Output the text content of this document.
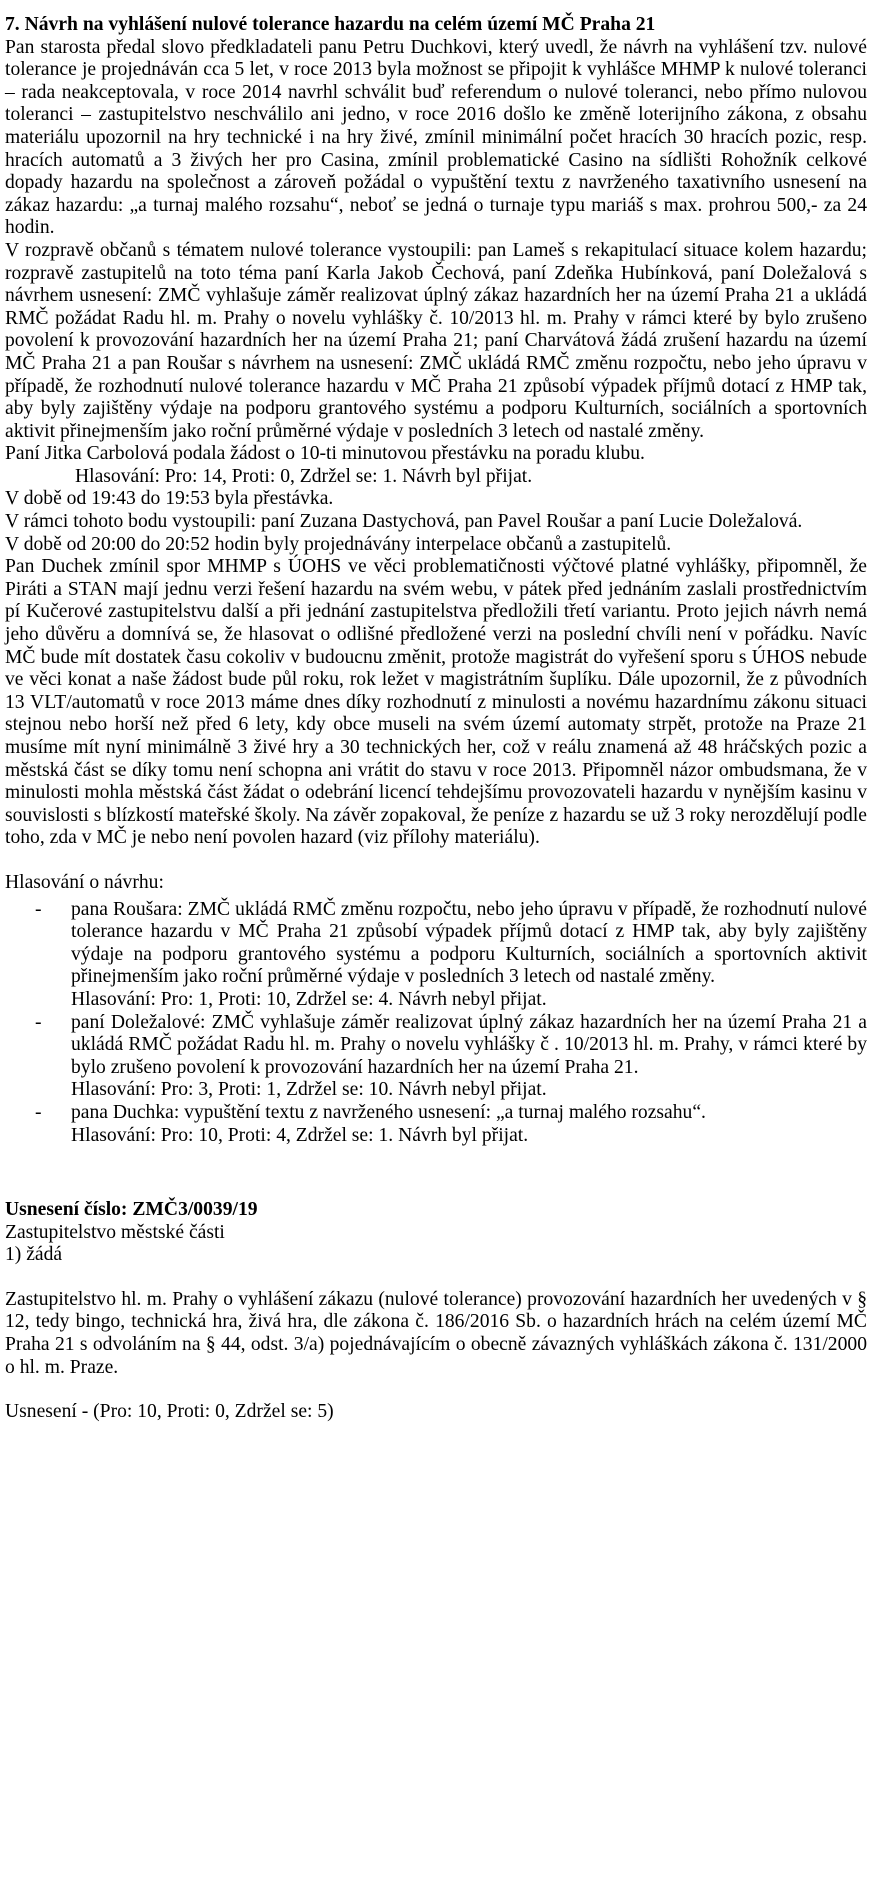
7. Návrh na vyhlášení nulové tolerance hazardu na celém území MČ Praha 21

Pan starosta předal slovo předkladateli panu Petru Duchkovi, který uvedl, že návrh na vyhlášení tzv. nulové tolerance je projednáván cca 5 let, v roce 2013 byla možnost se připojit k vyhlášce MHMP k nulové toleranci – rada neakceptovala, v roce 2014 navrhl schválit buď referendum o nulové toleranci, nebo přímo nulovou toleranci – zastupitelstvo neschválilo ani jedno, v roce 2016 došlo ke změně loterijního zákona, z obsahu materiálu upozornil na hry technické i na hry živé, zmínil minimální počet hracích 30 hracích pozic, resp. hracích automatů a 3 živých her pro Casina, zmínil problematické Casino na sídlišti Rohožník celkové dopady hazardu na společnost a zároveň požádal o vypuštění textu z navrženého taxativního usnesení na zákaz hazardu: „a turnaj malého rozsahu“, neboť se jedná o turnaje typu mariáš s max. prohrou 500,- za 24 hodin.

V rozpravě občanů s tématem nulové tolerance vystoupili: pan Lameš s rekapitulací situace kolem hazardu; rozpravě zastupitelů na toto téma paní Karla Jakob Čechová, paní Zdeňka Hubínková, paní Doležalová s návrhem usnesení: ZMČ vyhlašuje záměr realizovat úplný zákaz hazardních her na území Praha 21 a ukládá RMČ požádat Radu hl. m. Prahy o novelu vyhlášky č. 10/2013 hl. m. Prahy v rámci které by bylo zrušeno povolení k provozování hazardních her na území Praha 21; paní Charvátová žádá zrušení hazardu na území MČ Praha 21 a pan Roušar s návrhem na usnesení: ZMČ ukládá RMČ změnu rozpočtu, nebo jeho úpravu v případě, že rozhodnutí nulové tolerance hazardu v MČ Praha 21 způsobí výpadek příjmů dotací z HMP tak, aby byly zajištěny výdaje na podporu grantového systému a podporu Kulturních, sociálních a sportovních aktivit přinejmenším jako roční průměrné výdaje v posledních 3 letech od nastalé změny.

Paní Jitka Carbolová podala žádost o 10-ti minutovou přestávku na poradu klubu.

Hlasování: Pro: 14, Proti: 0, Zdržel se: 1. Návrh byl přijat.

V době od 19:43 do 19:53 byla přestávka.

V rámci tohoto bodu vystoupili: paní Zuzana Dastychová, pan Pavel Roušar a paní Lucie Doležalová.

V době od 20:00 do 20:52 hodin byly projednávány interpelace občanů a zastupitelů.

Pan Duchek zmínil spor MHMP s ÚOHS ve věci problematičnosti výčtové platné vyhlášky, připomněl, že Piráti a STAN mají jednu verzi řešení hazardu na svém webu, v pátek před jednáním zaslali prostřednictvím pí Kučerové zastupitelstvu další a při jednání zastupitelstva předložili třetí variantu. Proto jejich návrh nemá jeho důvěru a domnívá se, že hlasovat o odlišné předložené verzi na poslední chvíli není v pořádku. Navíc MČ bude mít dostatek času cokoliv v budoucnu změnit, protože magistrát do vyřešení sporu s ÚHOS nebude ve věci konat a naše žádost bude půl roku, rok ležet v magistrátním šuplíku. Dále upozornil, že z původních 13 VLT/automatů v roce 2013 máme dnes díky rozhodnutí z minulosti a novému hazardnímu zákonu situaci stejnou nebo horší než před 6 lety, kdy obce museli na svém území automaty strpět, protože na Praze 21 musíme mít nyní minimálně 3 živé hry a 30 technických her, což v reálu znamená až 48 hráčských pozic a městská část se díky tomu není schopna ani vrátit do stavu v roce 2013. Připomněl názor ombudsmana, že v minulosti mohla městská část žádat o odebrání licencí tehdejšímu provozovateli hazardu v nynějším kasinu v souvislosti s blízkostí mateřské školy. Na závěr zopakoval, že peníze z hazardu se už 3 roky nerozdělují podle toho, zda v MČ je nebo není povolen hazard (viz přílohy materiálu).

Hlasování o návrhu:

-	pana Roušara: ZMČ ukládá RMČ změnu rozpočtu, nebo jeho úpravu v případě, že rozhodnutí nulové tolerance hazardu v MČ Praha 21 způsobí výpadek příjmů dotací z HMP tak, aby byly zajištěny výdaje na podporu grantového systému a podporu Kulturních, sociálních a sportovních aktivit přinejmenším jako roční průměrné výdaje v posledních 3 letech od nastalé změny.

Hlasování: Pro: 1, Proti: 10, Zdržel se: 4. Návrh nebyl přijat.

-	paní Doležalové: ZMČ vyhlašuje záměr realizovat úplný zákaz hazardních her na území Praha 21 a ukládá RMČ požádat Radu hl. m. Prahy o novelu vyhlášky č . 10/2013 hl. m. Prahy, v rámci které by bylo zrušeno povolení k provozování hazardních her na území Praha 21.

Hlasování: Pro: 3, Proti: 1, Zdržel se: 10. Návrh nebyl přijat.

-	pana Duchka: vypuštění textu z navrženého usnesení: „a turnaj malého rozsahu“.

Hlasování: Pro: 10, Proti: 4, Zdržel se: 1. Návrh byl přijat.

Usnesení číslo: ZMČ3/0039/19

Zastupitelstvo městské části

1) žádá

Zastupitelstvo hl. m. Prahy o vyhlášení zákazu (nulové tolerance) provozování hazardních her uvedených v § 12, tedy bingo, technická hra, živá hra, dle zákona č. 186/2016 Sb. o hazardních hrách na celém území MČ Praha 21 s odvoláním na § 44, odst. 3/a) pojednávajícím o obecně závazných vyhláškách zákona č. 131/2000 o hl. m. Praze.

Usnesení - (Pro: 10, Proti: 0, Zdržel se: 5)
